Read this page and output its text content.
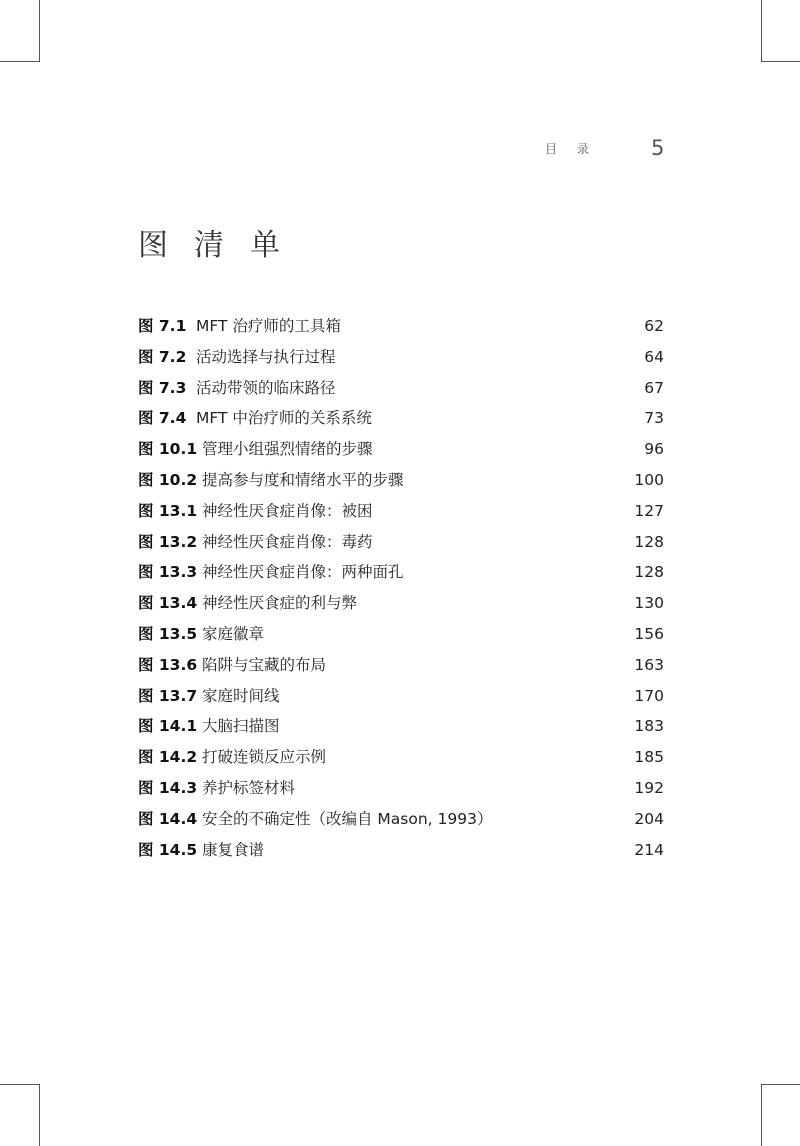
目录 5
图清单
图 7.1 MFT 治疗师的工具箱	62
图 7.2 活动选择与执行过程	64
图 7.3 活动带领的临床路径	67
图 7.4 MFT 中治疗师的关系系统	73
图 10.1 管理小组强烈情绪的步骤	96
图 10.2 提高参与度和情绪水平的步骤	100
图 13.1 神经性厌食症肖像：被困	127
图 13.2 神经性厌食症肖像：毒药	128
图 13.3 神经性厌食症肖像：两种面孔	128
图 13.4 神经性厌食症的利与弊	130
图 13.5 家庭徽章	156
图 13.6 陷阱与宝藏的布局	163
图 13.7 家庭时间线	170
图 14.1 大脑扫描图	183
图 14.2 打破连锁反应示例	185
图 14.3 养护标签材料	192
图 14.4 安全的不确定性（改编自 Mason, 1993）	204
图 14.5 康复食谱	214
